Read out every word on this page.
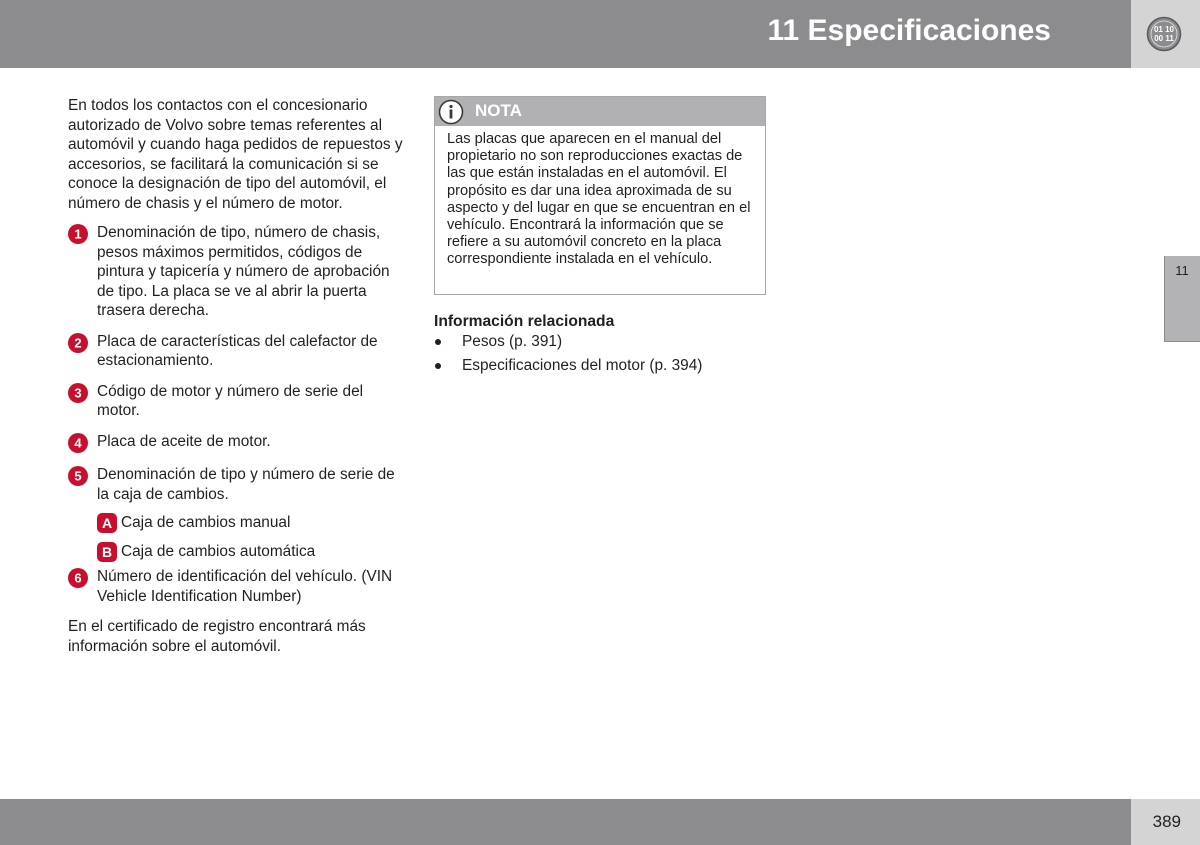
11 Especificaciones	01 10
00 11
11

En todos los contactos con el concesionario autorizado de Volvo sobre temas referentes al automóvil y cuando haga pedidos de repuestos y accesorios, se facilitará la comunicación si se conoce la designación de tipo del automóvil, el número de chasis y el número de motor.

1 Denominación de tipo, número de chasis, pesos máximos permitidos, códigos de pintura y tapicería y número de aprobación de tipo. La placa se ve al abrir la puerta trasera derecha.
2 Placa de características del calefactor de estacionamiento.
3 Código de motor y número de serie del motor.
4 Placa de aceite de motor.
5 Denominación de tipo y número de serie de la caja de cambios.
A Caja de cambios manual
B Caja de cambios automática
6 Número de identificación del vehículo. (VIN Vehicle Identification Number)

En el certificado de registro encontrará más información sobre el automóvil.

NOTA
Las placas que aparecen en el manual del propietario no son reproducciones exactas de las que están instaladas en el automóvil. El propósito es dar una idea aproximada de su aspecto y del lugar en que se encuentran en el vehículo. Encontrará la información que se refiere a su automóvil concreto en la placa correspondiente instalada en el vehículo.
Información relacionada
Pesos (p. 391)
Especificaciones del motor (p. 394)
389
